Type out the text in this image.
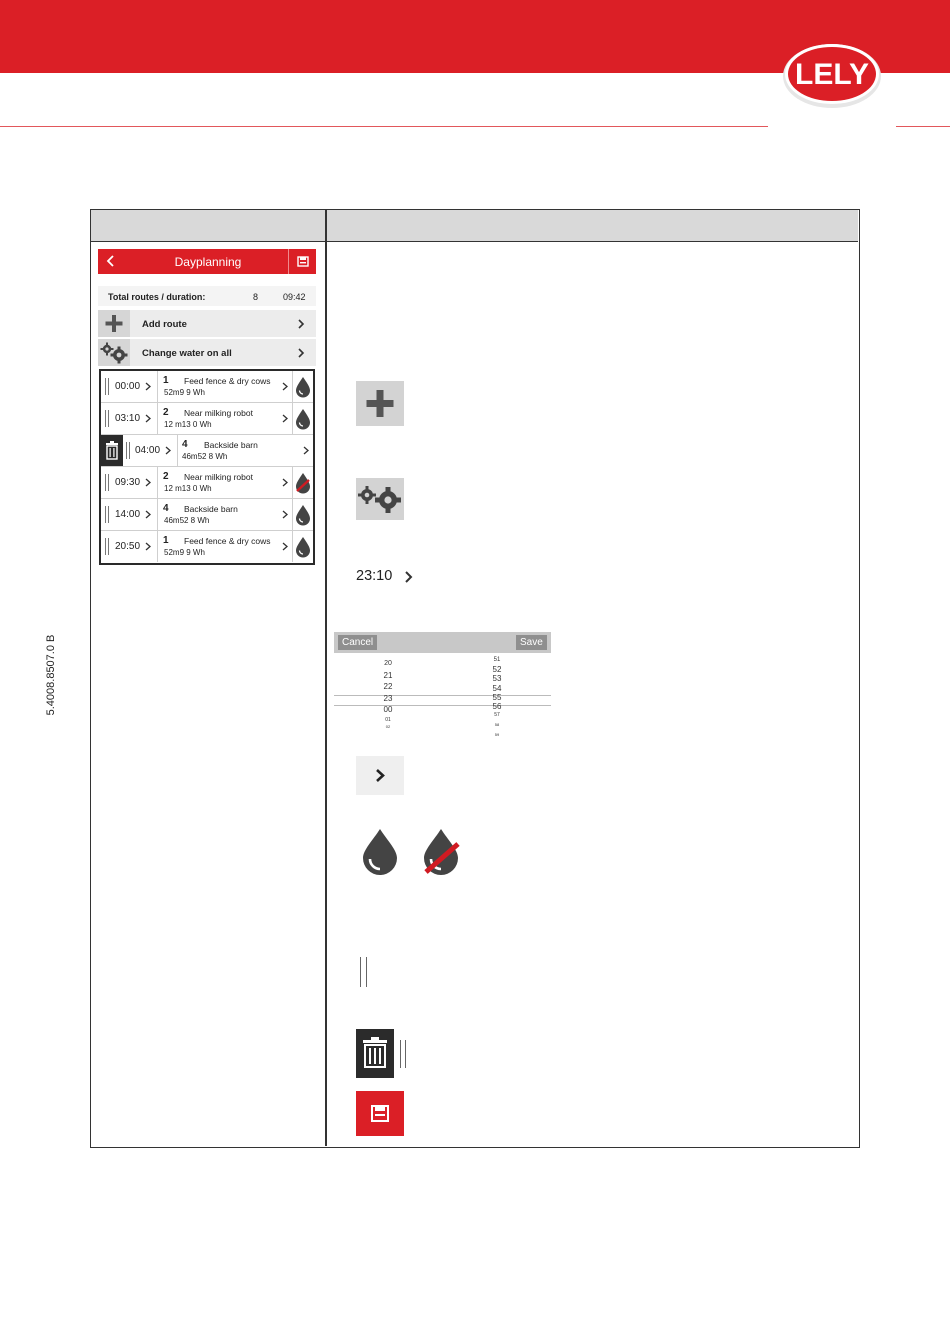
LELY
5.4008.8507.0 B
Dayplanning
Total routes / duration:	8	09:42
Add route
Change water on all
00:00
1 Feed fence & dry cows
52m9 9 Wh
03:10
2 Near milking robot
12 m13 0 Wh
04:00
4 Backside barn
46m52 8 Wh
09:30
2 Near milking robot
12 m13 0 Wh
14:00
4 Backside barn
46m52 8 Wh
20:50
1 Feed fence & dry cows
52m9 9 Wh
23:10
Cancel	Save
20
21
22
23
00
01
02
51
52
53
54
55
56
57
58
59
